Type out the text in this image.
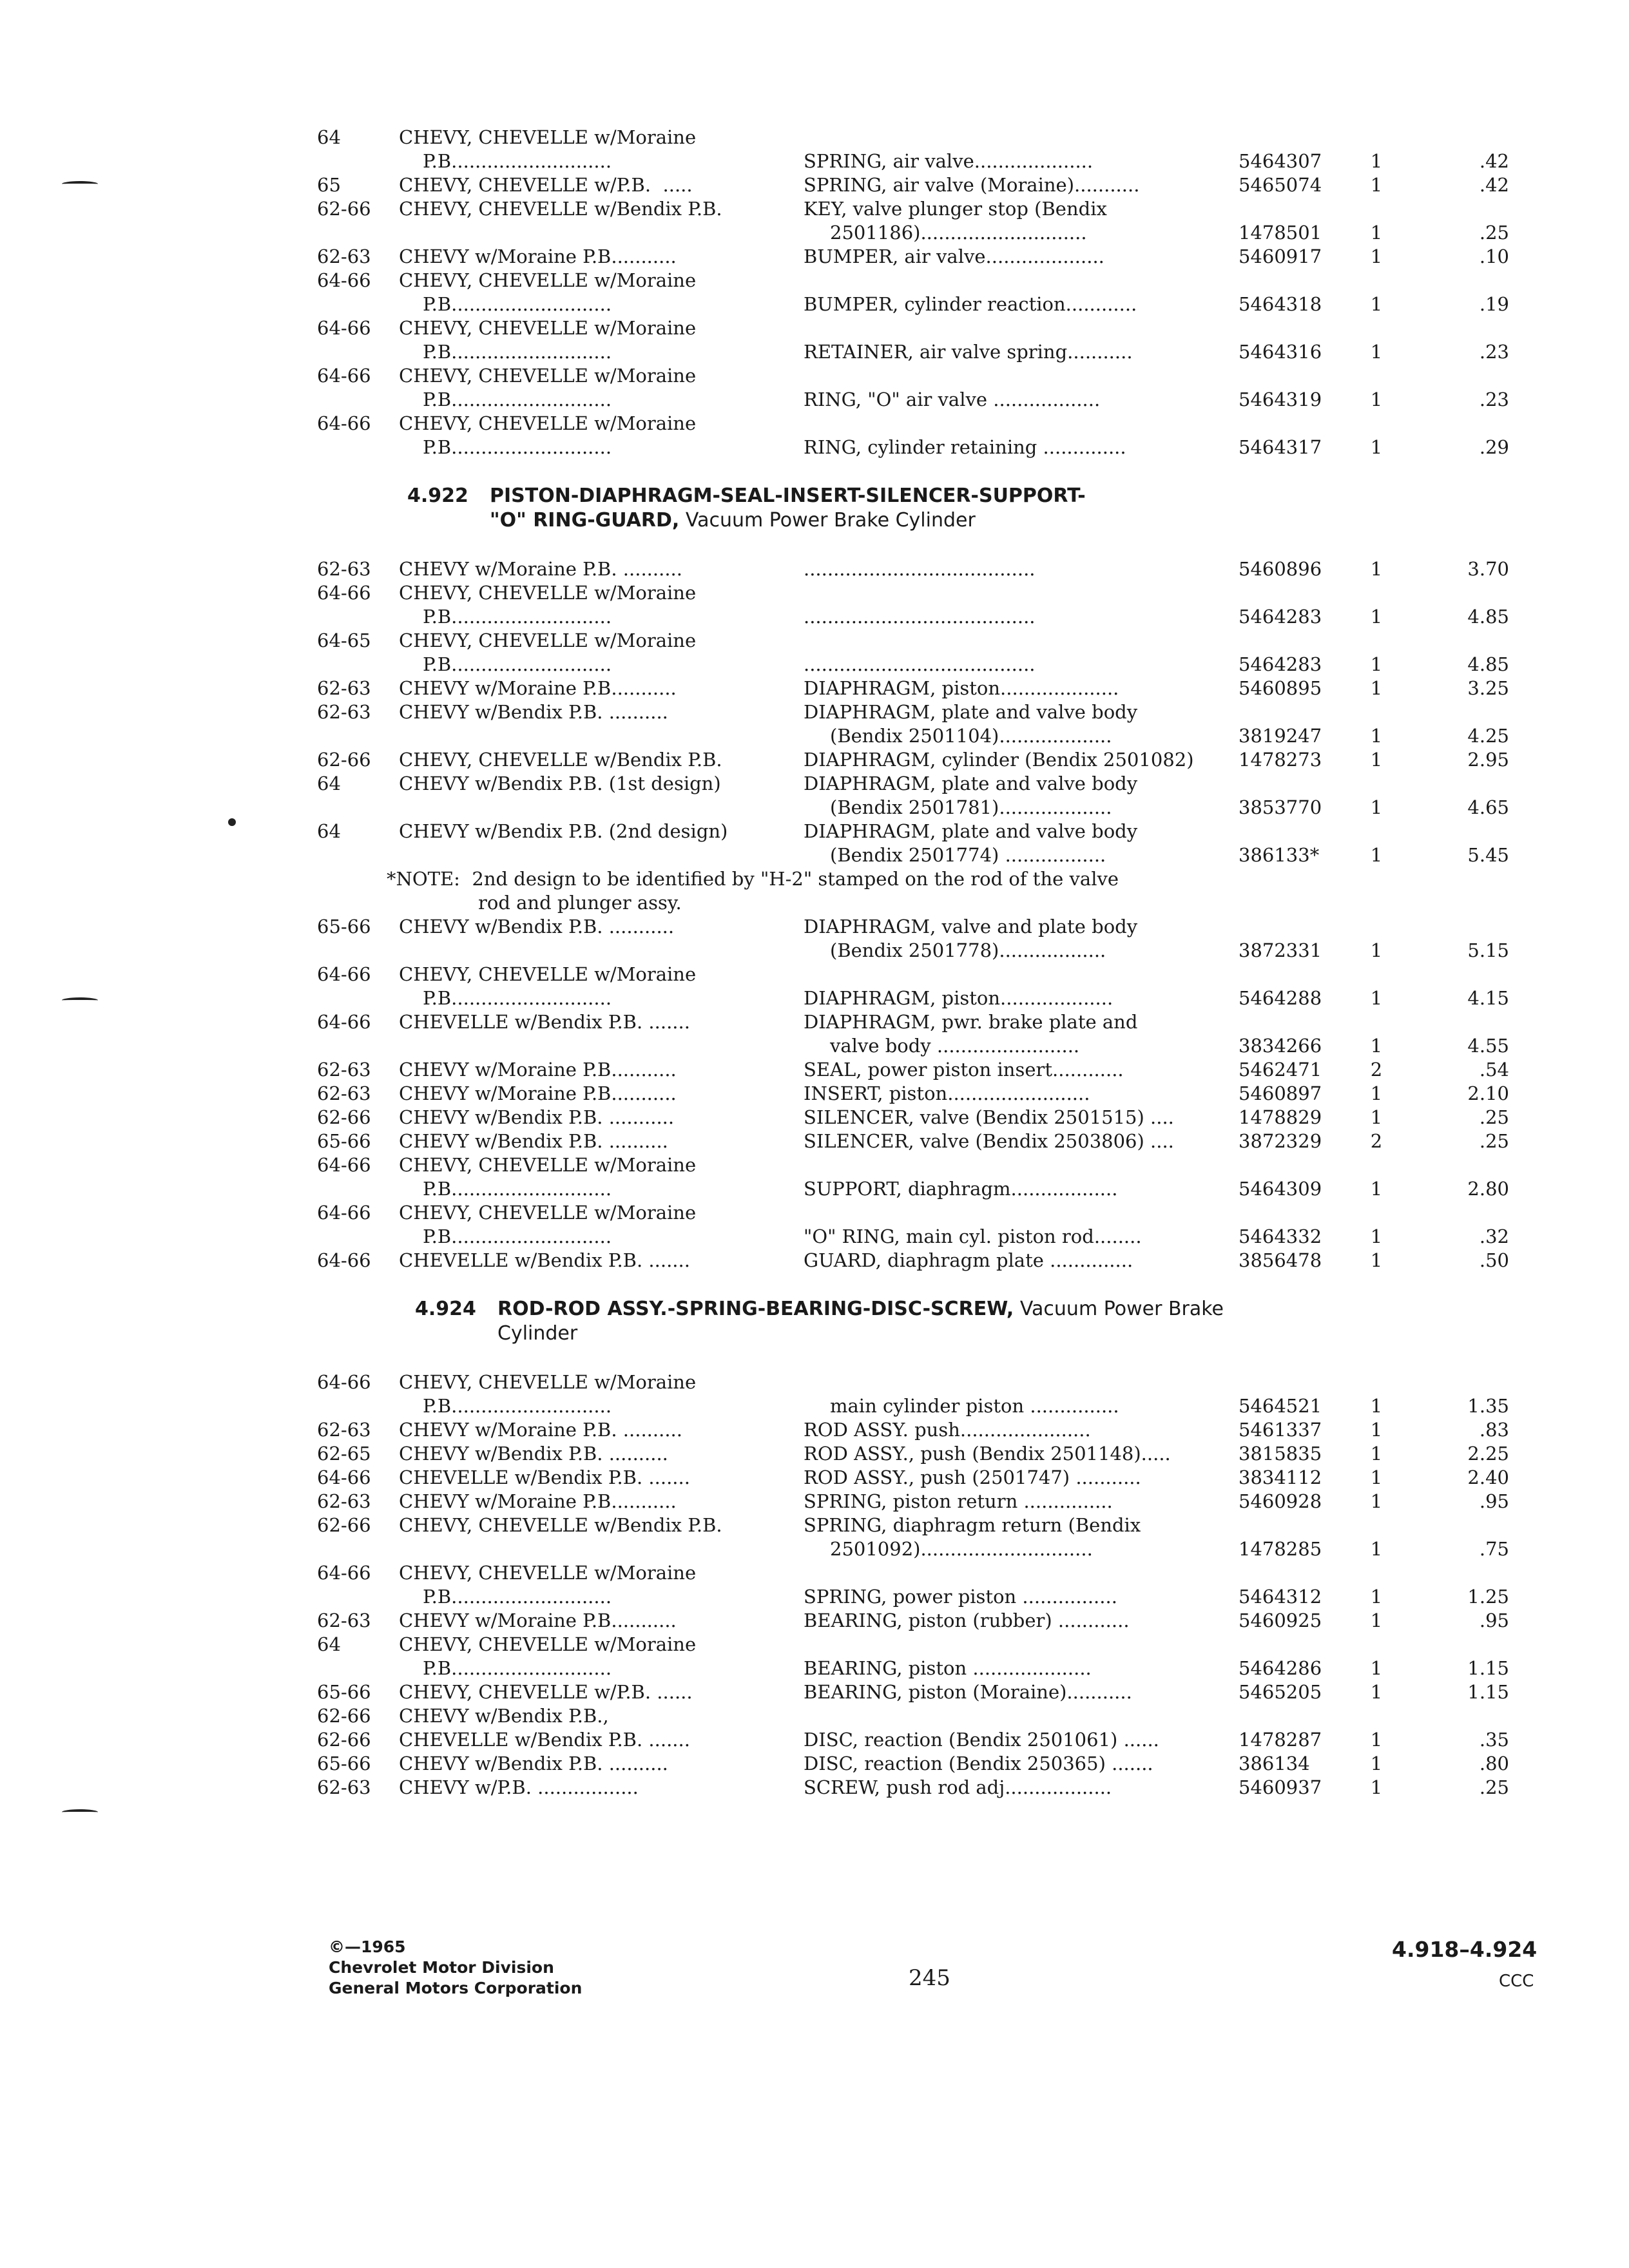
64	CHEVY, CHEVELLE w/Moraine
P.B...........................	SPRING, air valve....................	5464307	1	.42
65	CHEVY, CHEVELLE w/P.B.  .....	SPRING, air valve (Moraine)...........	5465074	1	.42
62-66	CHEVY, CHEVELLE w/Bendix P.B.	KEY, valve plunger stop (Bendix
2501186)............................	1478501	1	.25
62-63	CHEVY w/Moraine P.B...........	BUMPER, air valve....................	5460917	1	.10
64-66	CHEVY, CHEVELLE w/Moraine
P.B...........................	BUMPER, cylinder reaction............	5464318	1	.19
64-66	CHEVY, CHEVELLE w/Moraine
P.B...........................	RETAINER, air valve spring...........	5464316	1	.23
64-66	CHEVY, CHEVELLE w/Moraine
P.B...........................	RING, "O" air valve ..................	5464319	1	.23
64-66	CHEVY, CHEVELLE w/Moraine
P.B...........................	RING, cylinder retaining ..............	5464317	1	.29
4.922 PISTON-DIAPHRAGM-SEAL-INSERT-SILENCER-SUPPORT-
"O" RING-GUARD, Vacuum Power Brake Cylinder
62-63	CHEVY w/Moraine P.B. ..........	.......................................	5460896	1	3.70
64-66	CHEVY, CHEVELLE w/Moraine
P.B...........................	.......................................	5464283	1	4.85
64-65	CHEVY, CHEVELLE w/Moraine
P.B...........................	.......................................	5464283	1	4.85
62-63	CHEVY w/Moraine P.B...........	DIAPHRAGM, piston....................	5460895	1	3.25
62-63	CHEVY w/Bendix P.B. ..........	DIAPHRAGM, plate and valve body
(Bendix 2501104)...................	3819247	1	4.25
62-66	CHEVY, CHEVELLE w/Bendix P.B.	DIAPHRAGM, cylinder (Bendix 2501082)	1478273	1	2.95
64	CHEVY w/Bendix P.B. (1st design)	DIAPHRAGM, plate and valve body
(Bendix 2501781)...................	3853770	1	4.65
64	CHEVY w/Bendix P.B. (2nd design)	DIAPHRAGM, plate and valve body
(Bendix 2501774) .................	386133*	1	5.45
*NOTE:  2nd design to be identified by "H-2" stamped on the rod of the valve
rod and plunger assy.
65-66	CHEVY w/Bendix P.B. ...........	DIAPHRAGM, valve and plate body
(Bendix 2501778)..................	3872331	1	5.15
64-66	CHEVY, CHEVELLE w/Moraine
P.B...........................	DIAPHRAGM, piston...................	5464288	1	4.15
64-66	CHEVELLE w/Bendix P.B. .......	DIAPHRAGM, pwr. brake plate and
valve body ........................	3834266	1	4.55
62-63	CHEVY w/Moraine P.B...........	SEAL, power piston insert............	5462471	2	.54
62-63	CHEVY w/Moraine P.B...........	INSERT, piston........................	5460897	1	2.10
62-66	CHEVY w/Bendix P.B. ...........	SILENCER, valve (Bendix 2501515) ....	1478829	1	.25
65-66	CHEVY w/Bendix P.B. ..........	SILENCER, valve (Bendix 2503806) ....	3872329	2	.25
64-66	CHEVY, CHEVELLE w/Moraine
P.B...........................	SUPPORT, diaphragm..................	5464309	1	2.80
64-66	CHEVY, CHEVELLE w/Moraine
P.B...........................	"O" RING, main cyl. piston rod........	5464332	1	.32
64-66	CHEVELLE w/Bendix P.B. .......	GUARD, diaphragm plate ..............	3856478	1	.50
4.924 ROD-ROD ASSY.-SPRING-BEARING-DISC-SCREW, Vacuum Power Brake
Cylinder
64-66	CHEVY, CHEVELLE w/Moraine
P.B...........................	main cylinder piston ...............	5464521	1	1.35
62-63	CHEVY w/Moraine P.B. ..........	ROD ASSY. push......................	5461337	1	.83
62-65	CHEVY w/Bendix P.B. ..........	ROD ASSY., push (Bendix 2501148).....	3815835	1	2.25
64-66	CHEVELLE w/Bendix P.B. .......	ROD ASSY., push (2501747) ...........	3834112	1	2.40
62-63	CHEVY w/Moraine P.B...........	SPRING, piston return ...............	5460928	1	.95
62-66	CHEVY, CHEVELLE w/Bendix P.B.	SPRING, diaphragm return (Bendix
2501092).............................	1478285	1	.75
64-66	CHEVY, CHEVELLE w/Moraine
P.B...........................	SPRING, power piston ................	5464312	1	1.25
62-63	CHEVY w/Moraine P.B...........	BEARING, piston (rubber) ............	5460925	1	.95
64	CHEVY, CHEVELLE w/Moraine
P.B...........................	BEARING, piston ....................	5464286	1	1.15
65-66	CHEVY, CHEVELLE w/P.B. ......	BEARING, piston (Moraine)...........	5465205	1	1.15
62-66	CHEVY w/Bendix P.B.,
62-66	CHEVELLE w/Bendix P.B. .......	DISC, reaction (Bendix 2501061) ......	1478287	1	.35
65-66	CHEVY w/Bendix P.B. ..........	DISC, reaction (Bendix 250365) .......	386134	1	.80
62-63	CHEVY w/P.B. .................	SCREW, push rod adj..................	5460937	1	.25
©—1965
Chevrolet Motor Division
General Motors Corporation	245
4.918–4.924
CCC
